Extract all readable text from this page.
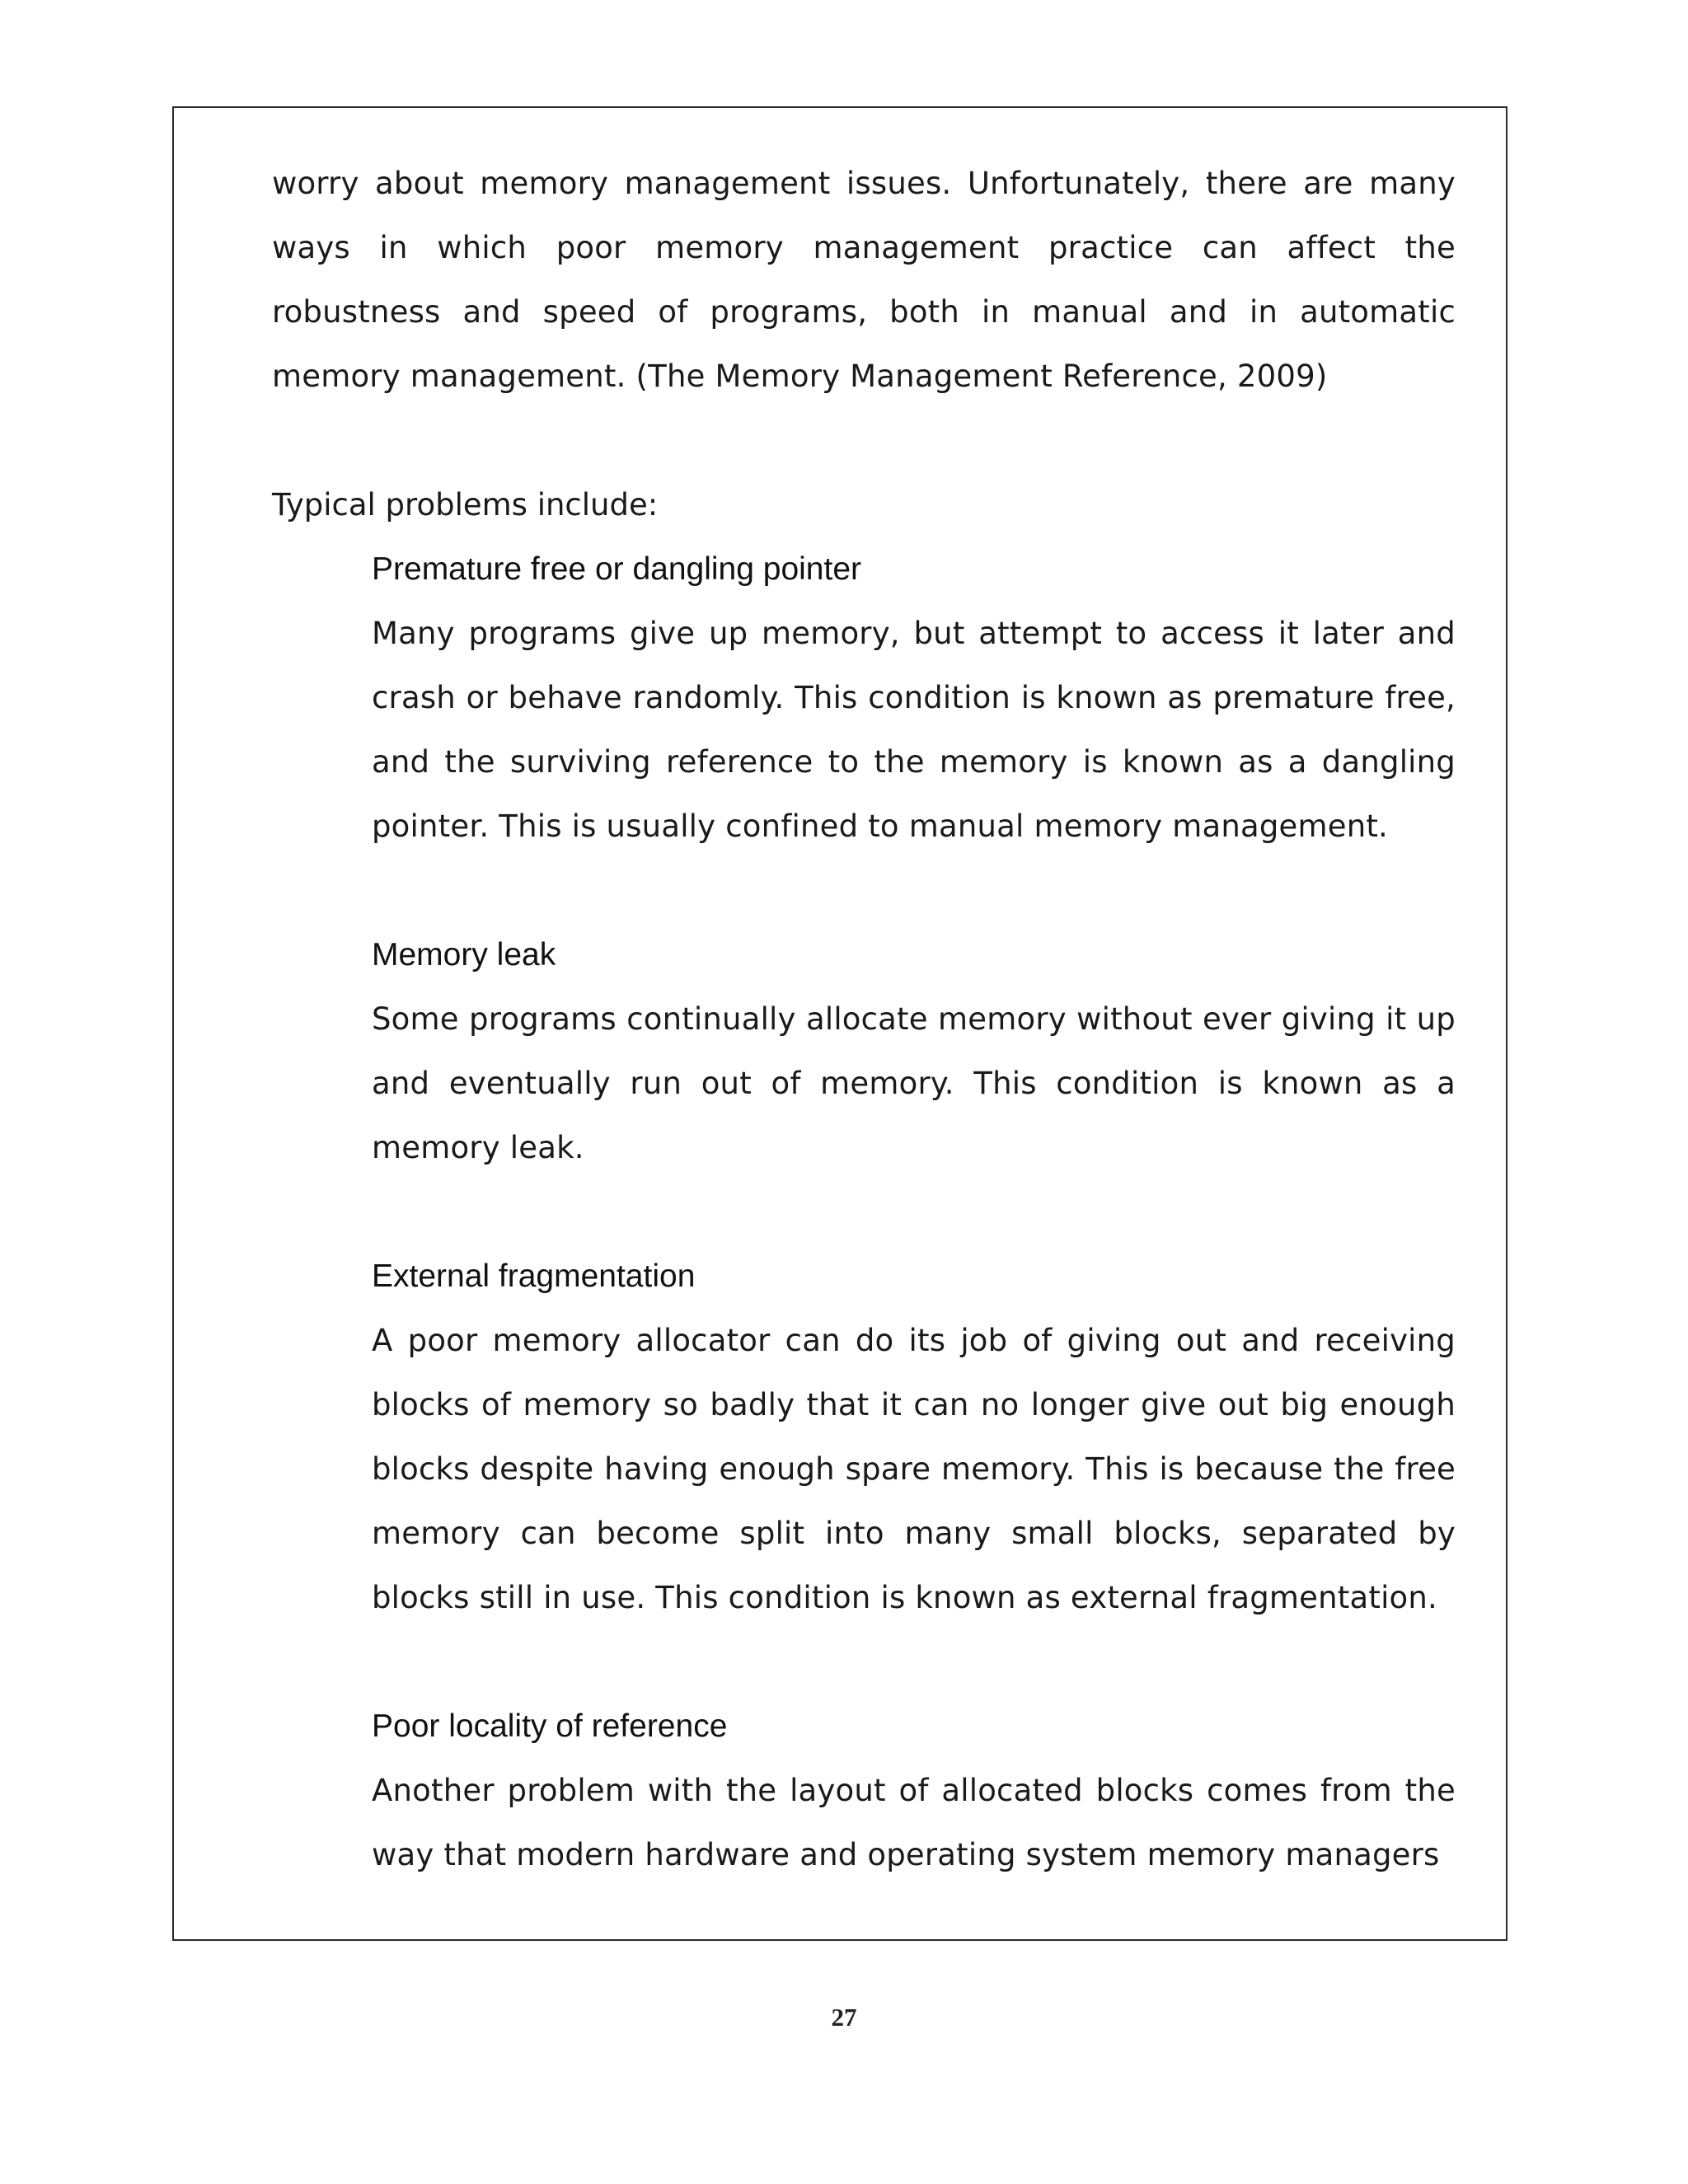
worry about memory management issues. Unfortunately, there are many ways in which poor memory management practice can affect the robustness and speed of programs, both in manual and in automatic memory management. (The Memory Management Reference, 2009)

Typical problems include:

Premature free or dangling pointer

Many programs give up memory, but attempt to access it later and crash or behave randomly. This condition is known as premature free, and the surviving reference to the memory is known as a dangling pointer. This is usually confined to manual memory management.

Memory leak

Some programs continually allocate memory without ever giving it up and eventually run out of memory. This condition is known as a memory leak.

External fragmentation

A poor memory allocator can do its job of giving out and receiving blocks of memory so badly that it can no longer give out big enough blocks despite having enough spare memory. This is because the free memory can become split into many small blocks, separated by blocks still in use. This condition is known as external fragmentation.

Poor locality of reference

Another problem with the layout of allocated blocks comes from the way that modern hardware and operating system memory managers

27
